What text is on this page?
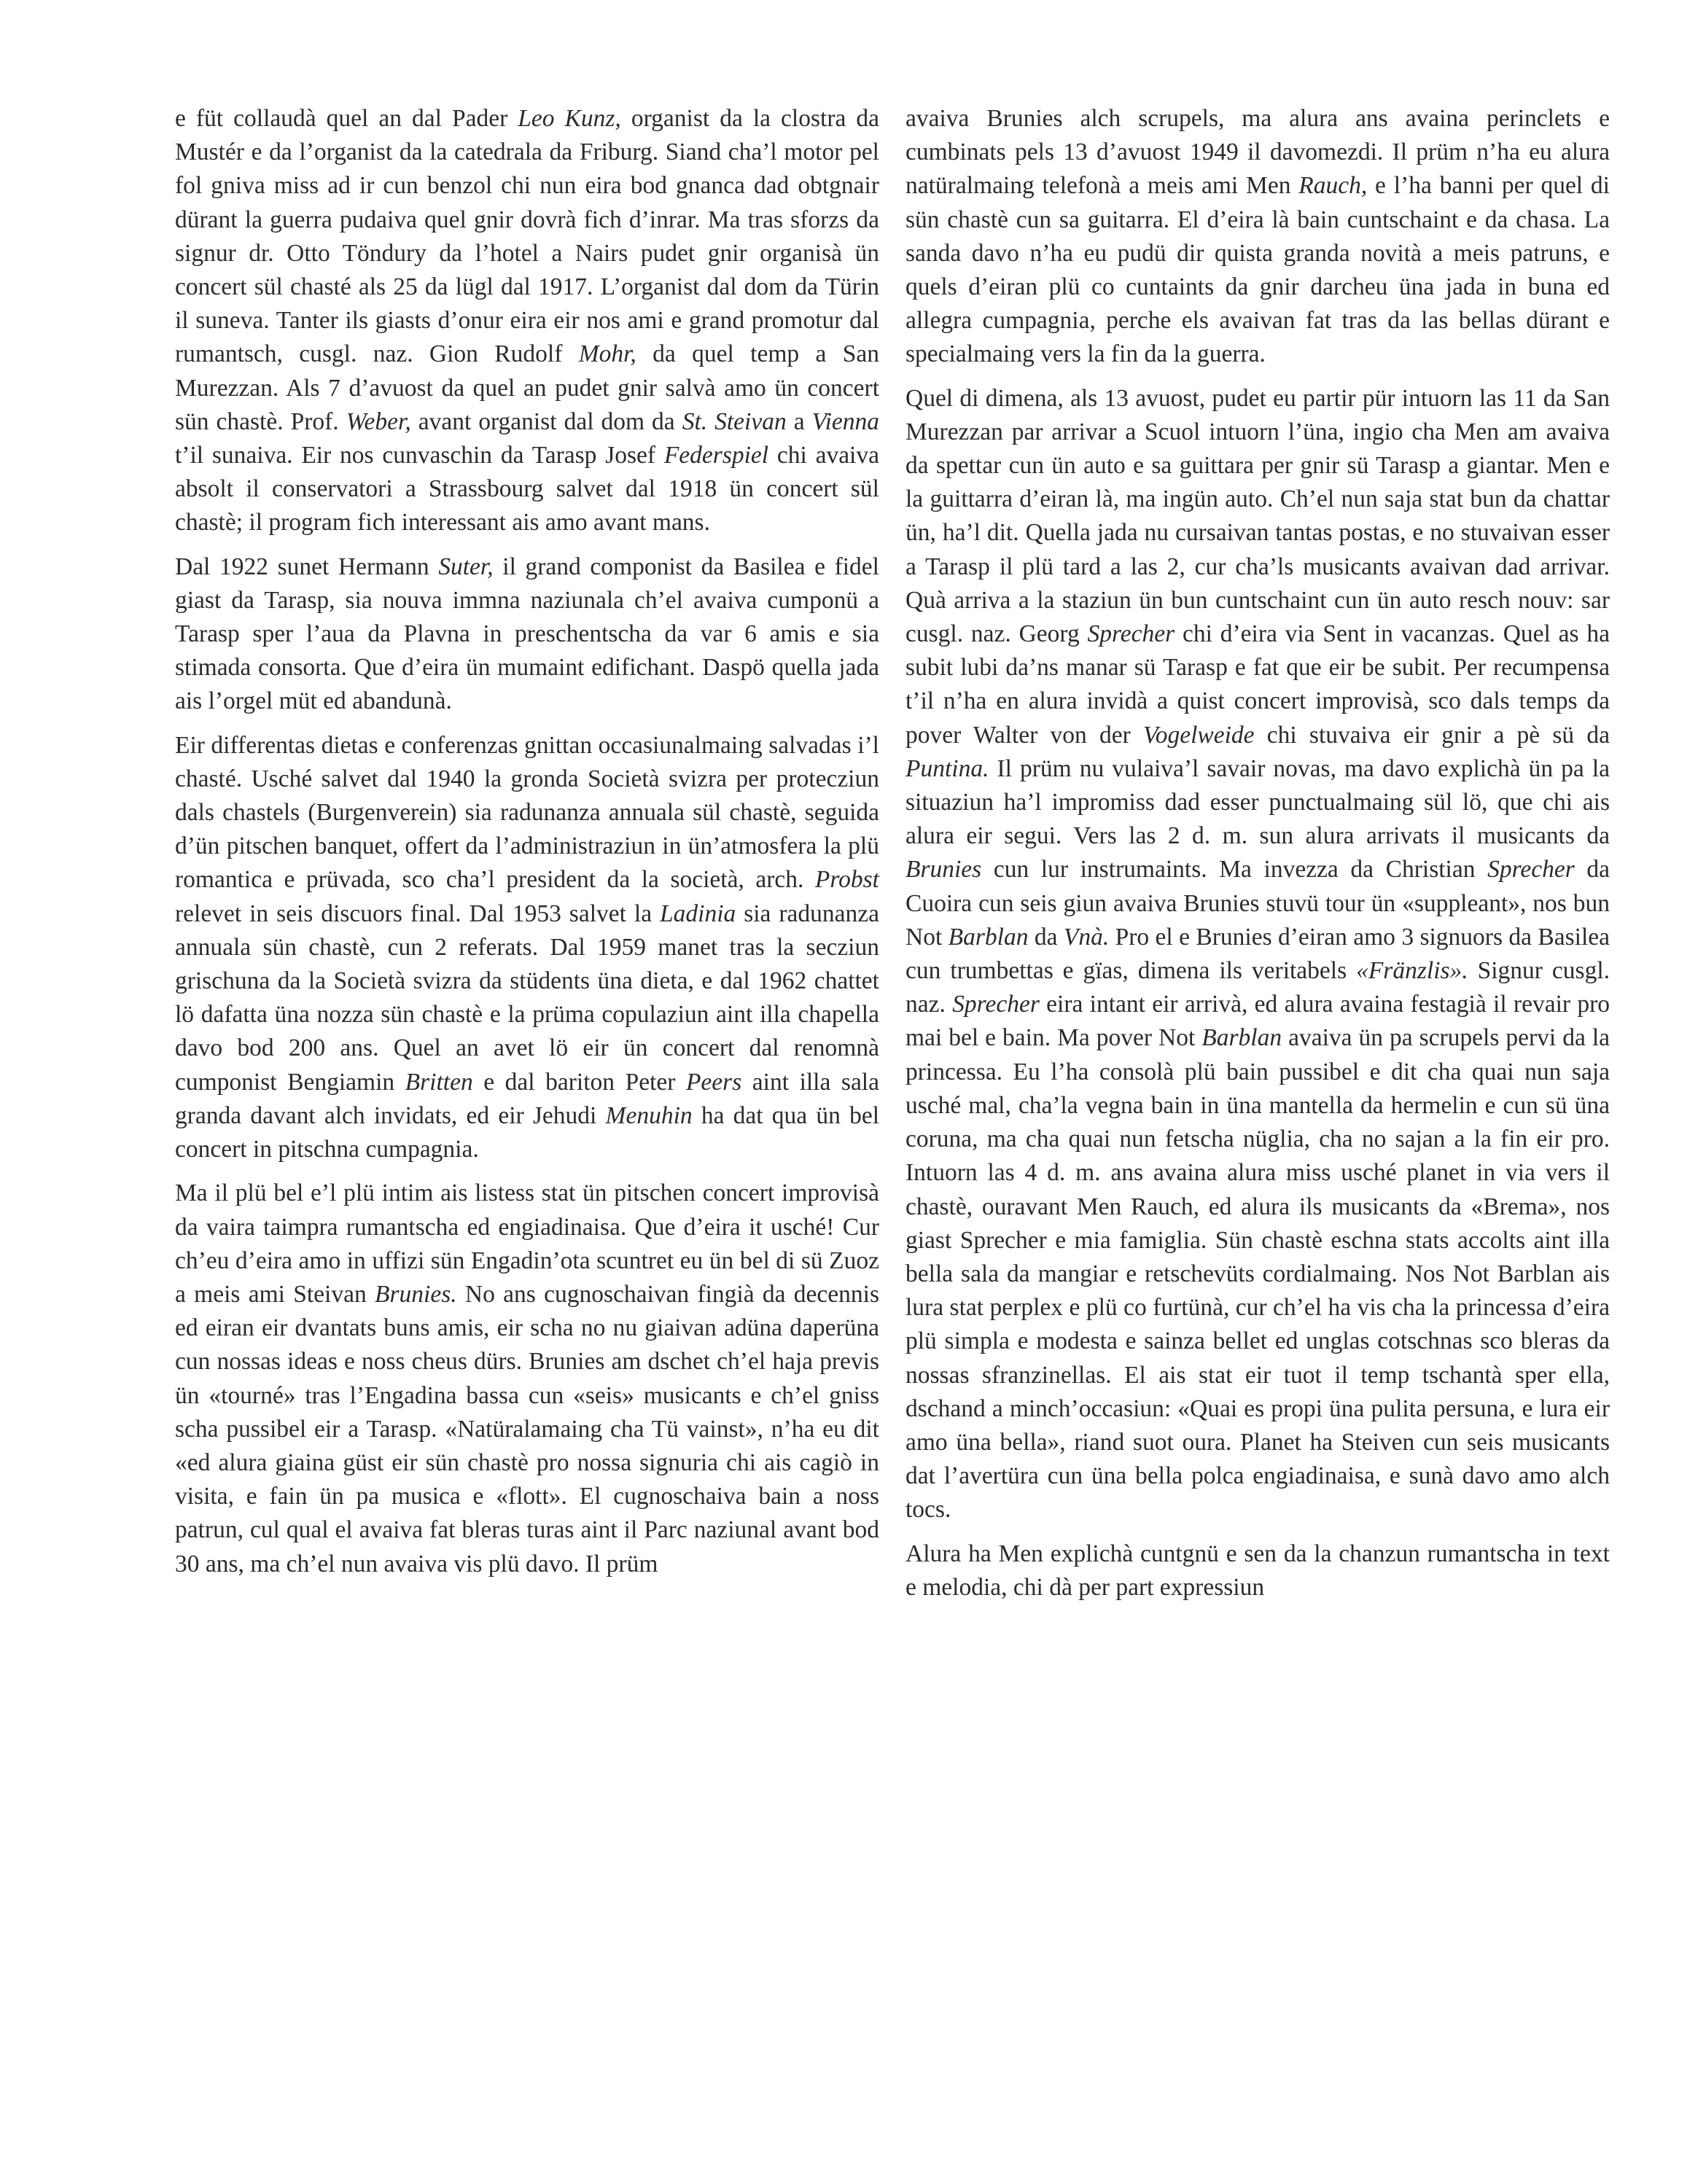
e füt collaudà quel an dal Pader Leo Kunz, organist da la clostra da Mustér e da l’organist da la catedrala da Friburg. Siand cha’l motor pel fol gniva miss ad ir cun benzol chi nun eira bod gnanca dad obtgnair dürant la guerra pudaiva quel gnir dovrà fich d’inrar. Ma tras sforzs da signur dr. Otto Töndury da l’hotel a Nairs pudet gnir organisà ün concert sül chasté als 25 da lügl dal 1917. L’organist dal dom da Türin il suneva. Tanter ils giasts d’onur eira eir nos ami e grand promotur dal rumantsch, cusgl. naz. Gion Rudolf Mohr, da quel temp a San Murezzan. Als 7 d’avuost da quel an pudet gnir salvà amo ün concert sün chastè. Prof. Weber, avant organist dal dom da St. Steivan a Vienna t’il sunaiva. Eir nos cunvaschin da Tarasp Josef Federspiel chi avaiva absolt il conservatori a Strassbourg salvet dal 1918 ün concert sül chastè; il program fich interessant ais amo avant mans.

Dal 1922 sunet Hermann Suter, il grand componist da Basilea e fidel giast da Tarasp, sia nouva immna naziunala ch’el avaiva cumponü a Tarasp sper l’aua da Plavna in preschentscha da var 6 amis e sia stimada consorta. Que d’eira ün mumaint edifichant. Daspö quella jada ais l’orgel müt ed abandunà.

Eir differentas dietas e conferenzas gnittan occasiunalmaing salvadas i’l chasté. Usché salvet dal 1940 la gronda Società svizra per protecziun dals chastels (Burgenverein) sia radunanza annuala sül chastè, seguida d’ün pitschen banquet, offert da l’administraziun in ün’atmosfera la plü romantica e prüvada, sco cha’l president da la società, arch. Probst relevet in seis discuors final. Dal 1953 salvet la Ladinia sia radunanza annuala sün chastè, cun 2 referats. Dal 1959 manet tras la secziun grischuna da la Società svizra da stüdents üna dieta, e dal 1962 chattet lö dafatta üna nozza sün chastè e la prüma copulaziun aint illa chapella davo bod 200 ans. Quel an avet lö eir ün concert dal renomnà cumponist Bengiamin Britten e dal bariton Peter Peers aint illa sala granda davant alch invidats, ed eir Jehudi Menuhin ha dat qua ün bel concert in pitschna cumpagnia.

Ma il plü bel e’l plü intim ais listess stat ün pitschen concert improvisà da vaira taimpra rumantscha ed engiadinaisa. Que d’eira it usché! Cur ch’eu d’eira amo in uffizi sün Engadin’ota scuntret eu ün bel di sü Zuoz a meis ami Steivan Brunies. No ans cugnoschaivan fingià da decennis ed eiran eir dvantats buns amis, eir scha no nu giaivan adüna daperüna cun nossas ideas e noss cheus dürs. Brunies am dschet ch’el haja previs ün «tourné» tras l’Engadina bassa cun «seis» musicants e ch’el gniss scha pussibel eir a Tarasp. «Natüralamaing cha Tü vainst», n’ha eu dit «ed alura giaina güst eir sün chastè pro nossa signuria chi ais cagiò in visita, e fain ün pa musica e «flott». El cugnoschaiva bain a noss patrun, cul qual el avaiva fat bleras turas aint il Parc naziunal avant bod 30 ans, ma ch’el nun avaiva vis plü davo. Il prüm

avaiva Brunies alch scrupels, ma alura ans avaina perinclets e cumbinats pels 13 d’avuost 1949 il davomezdi. Il prüm n’ha eu alura natüralmaing telefonà a meis ami Men Rauch, e l’ha banni per quel di sün chastè cun sa guitarra. El d’eira là bain cuntschaint e da chasa. La sanda davo n’ha eu pudü dir quista granda novità a meis patruns, e quels d’eiran plü co cuntaints da gnir darcheu üna jada in buna ed allegra cumpagnia, perche els avaivan fat tras da las bellas dürant e specialmaing vers la fin da la guerra.

Quel di dimena, als 13 avuost, pudet eu partir pür intuorn las 11 da San Murezzan par arrivar a Scuol intuorn l’üna, ingio cha Men am avaiva da spettar cun ün auto e sa guittara per gnir sü Tarasp a giantar. Men e la guittarra d’eiran là, ma ingün auto. Ch’el nun saja stat bun da chattar ün, ha’l dit. Quella jada nu cursaivan tantas postas, e no stuvaivan esser a Tarasp il plü tard a las 2, cur cha’ls musicants avaivan dad arrivar. Quà arriva a la staziun ün bun cuntschaint cun ün auto resch nouv: sar cusgl. naz. Georg Sprecher chi d’eira via Sent in vacanzas. Quel as ha subit lubi da’ns manar sü Tarasp e fat que eir be subit. Per recumpensa t’il n’ha en alura invidà a quist concert improvisà, sco dals temps da pover Walter von der Vogelweide chi stuvaiva eir gnir a pè sü da Puntina. Il prüm nu vulaiva’l savair novas, ma davo explichà ün pa la situaziun ha’l impromiss dad esser punctualmaing sül lö, que chi ais alura eir segui. Vers las 2 d. m. sun alura arrivats il musicants da Brunies cun lur instrumaints. Ma invezza da Christian Sprecher da Cuoira cun seis giun avaiva Brunies stuvü tour ün «suppleant», nos bun Not Barblan da Vnà. Pro el e Brunies d’eiran amo 3 signuors da Basilea cun trumbettas e gïas, dimena ils veritabels «Fränzlis». Signur cusgl. naz. Sprecher eira intant eir arrivà, ed alura avaina festagià il revair pro mai bel e bain. Ma pover Not Barblan avaiva ün pa scrupels pervi da la princessa. Eu l’ha consolà plü bain pussibel e dit cha quai nun saja usché mal, cha’la vegna bain in üna mantella da hermelin e cun sü üna coruna, ma cha quai nun fetscha nüglia, cha no sajan a la fin eir pro. Intuorn las 4 d. m. ans avaina alura miss usché planet in via vers il chastè, ouravant Men Rauch, ed alura ils musicants da «Brema», nos giast Sprecher e mia famiglia. Sün chastè eschna stats accolts aint illa bella sala da mangiar e retschevüts cordialmaing. Nos Not Barblan ais lura stat perplex e plü co furtünà, cur ch’el ha vis cha la princessa d’eira plü simpla e modesta e sainza bellet ed unglas cotschnas sco bleras da nossas sfranzinellas. El ais stat eir tuot il temp tschantà sper ella, dschand a minch’occasiun: «Quai es propi üna pulita persuna, e lura eir amo üna bella», riand suot oura. Planet ha Steiven cun seis musicants dat l’avertüra cun üna bella polca engiadinaisa, e sunà davo amo alch tocs.

Alura ha Men explichà cuntgnü e sen da la chanzun rumantscha in text e melodia, chi dà per part expressiun
